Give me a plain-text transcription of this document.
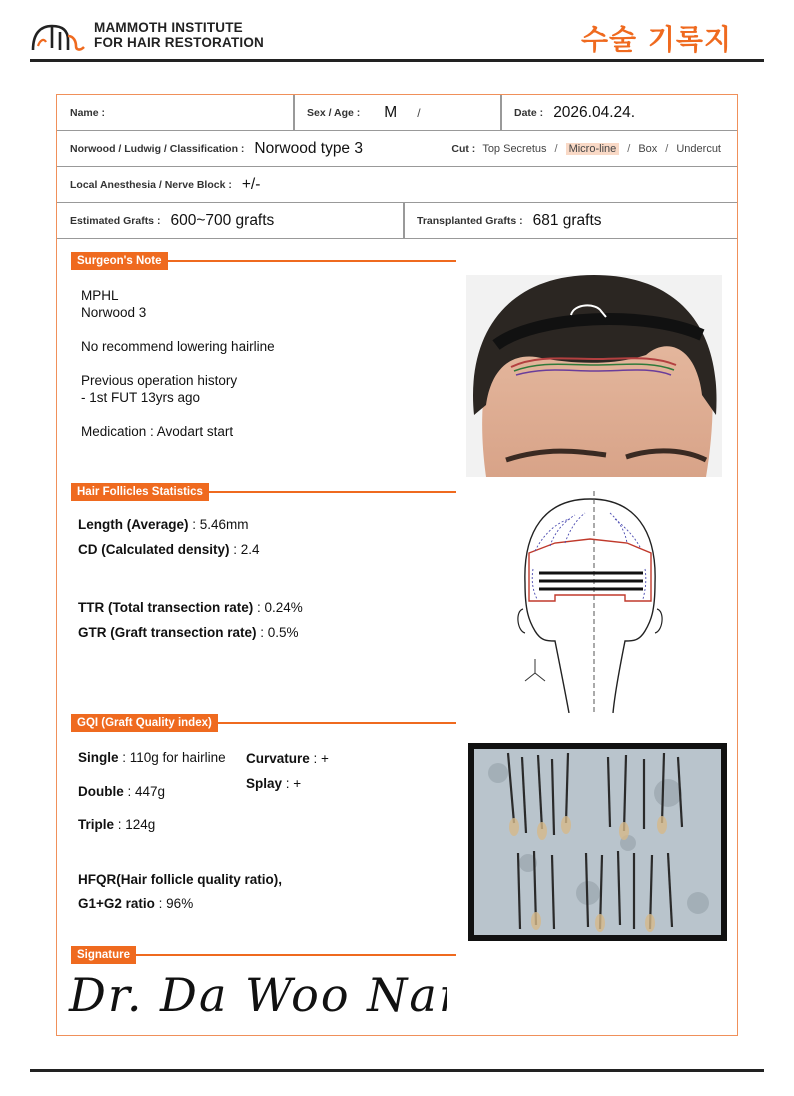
MAMMOTH INSTITUTE
FOR HAIR RESTORATION	수술 기록지
Name :	Sex / Age : M /	Date : 2026.04.24.
Norwood / Ludwig / Classification : Norwood type 3	Cut : Top Secretus / Micro-line / Box / Undercut
Local Anesthesia / Nerve Block : +/-
Estimated Grafts : 600~700 grafts	Transplanted Grafts : 681 grafts
Surgeon's Note
MPHL
Norwood 3
No recommend lowering hairline
Previous operation history
- 1st FUT 13yrs ago
Medication : Avodart start
Hair Follicles Statistics
Length (Average) : 5.46mm
CD (Calculated density) : 2.4
TTR (Total transection rate) : 0.24%
GTR (Graft transection rate) : 0.5%
GQI (Graft Quality index)
Single : 110g for hairline
Double : 447g
Triple : 124g
Curvature : +
Splay : +
HFQR(Hair follicle quality ratio),
G1+G2 ratio : 96%
Signature
Dr. Da Woo Nam
